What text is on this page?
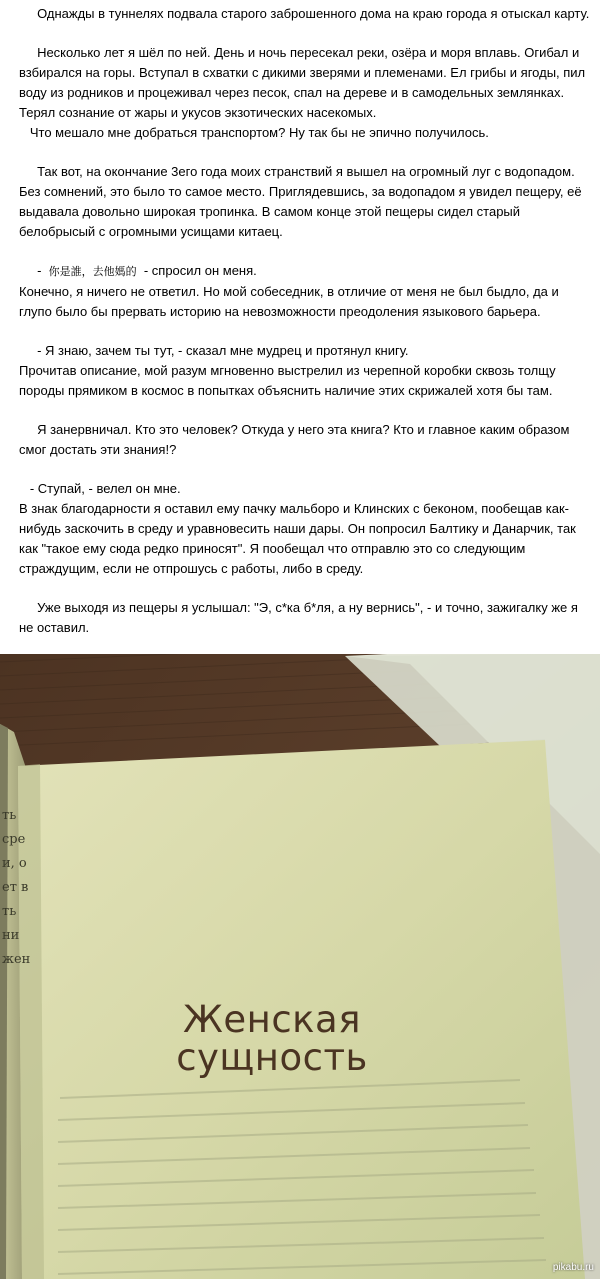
Однажды в туннелях подвала старого заброшенного дома на краю города я отыскал карту.

Несколько лет я шёл по ней. День и ночь пересекал реки, озёра и моря вплавь. Огибал и взбирался на горы. Вступал в схватки с дикими зверями и племенами. Ел грибы и ягоды, пил воду из родников и процеживал через песок, спал на дереве и в самодельных землянках. Терял сознание от жары и укусов экзотических насекомых.

Что мешало мне добраться транспортом? Ну так бы не эпично получилось.

Так вот, на окончание 3его года моих странствий я вышел на огромный луг с водопадом. Без сомнений, это было то самое место. Приглядевшись, за водопадом я увидел пещеру, её выдавала довольно широкая тропинка. В самом конце этой пещеры сидел старый белобрысый с огромными усищами китаец.

-  你是誰，去他媽的  - спросил он меня.

Конечно, я ничего не ответил. Но мой собеседник, в отличие от меня не был быдло, да и глупо было бы прервать историю на невозможности преодоления языкового барьера.

- Я знаю, зачем ты тут, - сказал мне мудрец и протянул книгу.

Прочитав описание, мой разум мгновенно выстрелил из черепной коробки сквозь толщу породы прямиком в космос в попытках объяснить наличие этих скрижалей хотя бы там.

Я занервничал. Кто это человек? Откуда у него эта книга? Кто и главное каким образом смог достать эти знания!?

- Ступай, - велел он мне.

В знак благодарности я оставил ему пачку мальборо и Клинских с беконом, пообещав как-нибудь заскочить в среду и уравновесить наши дары. Он попросил Балтику и Данарчик, так как "такое ему сюда редко приносят". Я пообещал что отправлю это со следующим страждущим, если не отпрошусь с работы, либо в среду.

Уже выходя из пещеры я услышал: "Э, с*ка б*ля, а ну вернись", - и точно, зажигалку же я не оставил.

ть
сре
и, о
ет в
ть
ни
жен
Женская
сущность
pikabu.ru
